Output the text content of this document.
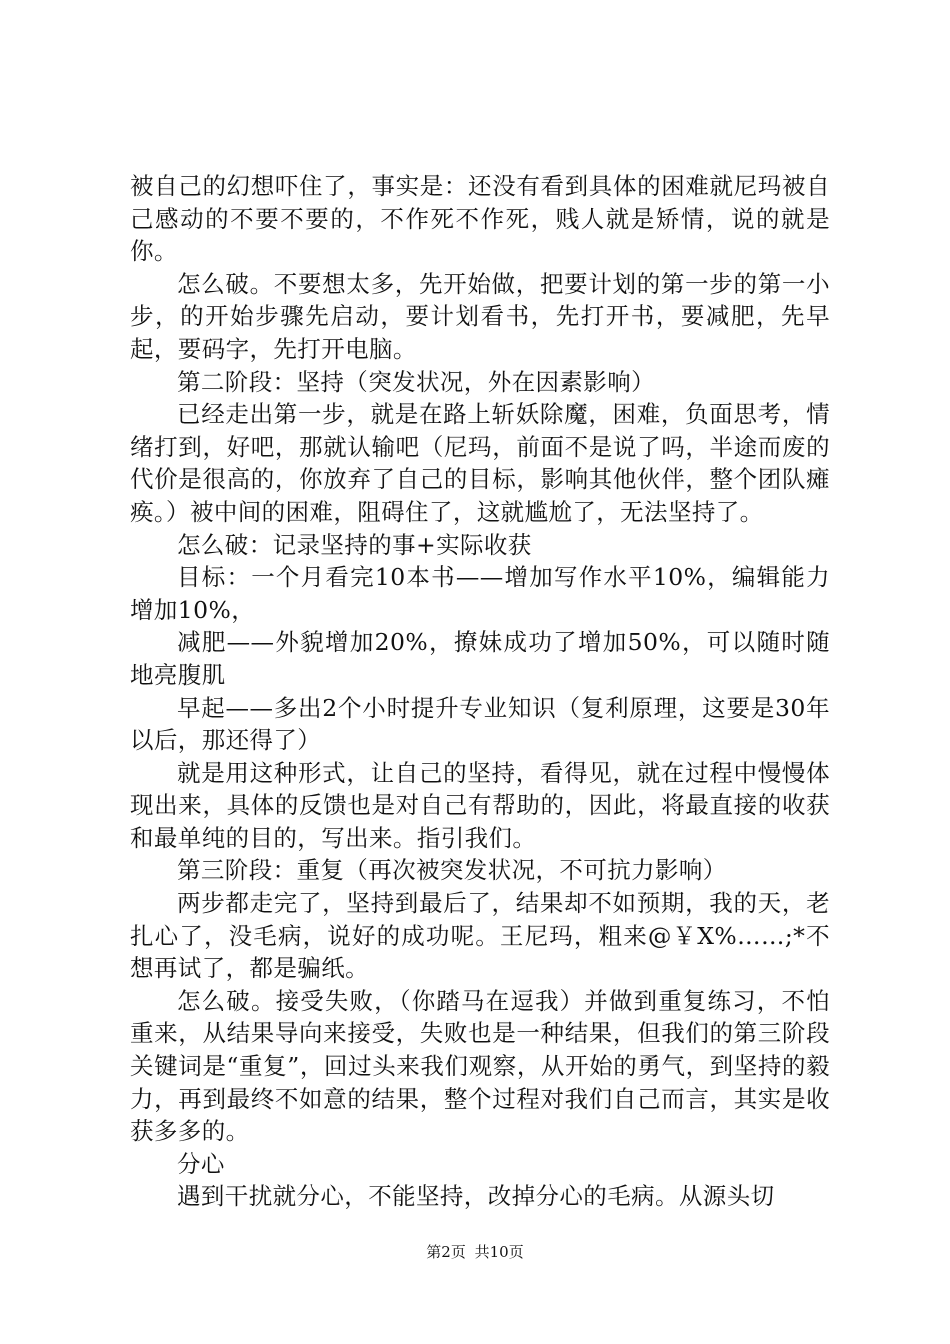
被自己的幻想吓住了，事实是：还没有看到具体的困难就尼玛被自己感动的不要不要的，不作死不作死，贱人就是矫情，说的就是你。

怎么破。不要想太多，先开始做，把要计划的第一步的第一小步，的开始步骤先启动，要计划看书，先打开书，要减肥，先早起，要码字，先打开电脑。

第二阶段：坚持（突发状况，外在因素影响）

已经走出第一步，就是在路上斩妖除魔，困难，负面思考，情绪打到，好吧，那就认输吧（尼玛，前面不是说了吗，半途而废的代价是很高的，你放弃了自己的目标，影响其他伙伴，整个团队瘫痪。）被中间的困难，阻碍住了，这就尴尬了，无法坚持了。

怎么破：记录坚持的事+实际收获

目标：一个月看完10本书——增加写作水平10%，编辑能力增加10%，

减肥——外貌增加20%，撩妹成功了增加50%，可以随时随地亮腹肌

早起——多出2个小时提升专业知识（复利原理，这要是30年以后，那还得了）

就是用这种形式，让自己的坚持，看得见，就在过程中慢慢体现出来，具体的反馈也是对自己有帮助的，因此，将最直接的收获和最单纯的目的，写出来。指引我们。

第三阶段：重复（再次被突发状况，不可抗力影响）

两步都走完了，坚持到最后了，结果却不如预期，我的天，老扎心了，没毛病，说好的成功呢。王尼玛，粗来@￥X%……;*不想再试了，都是骗纸。

怎么破。接受失败，（你踏马在逗我）并做到重复练习，不怕重来，从结果导向来接受，失败也是一种结果，但我们的第三阶段关键词是“重复”，回过头来我们观察，从开始的勇气，到坚持的毅力，再到最终不如意的结果，整个过程对我们自己而言，其实是收获多多的。

分心

遇到干扰就分心，不能坚持，改掉分心的毛病。从源头切

第2页 共10页
